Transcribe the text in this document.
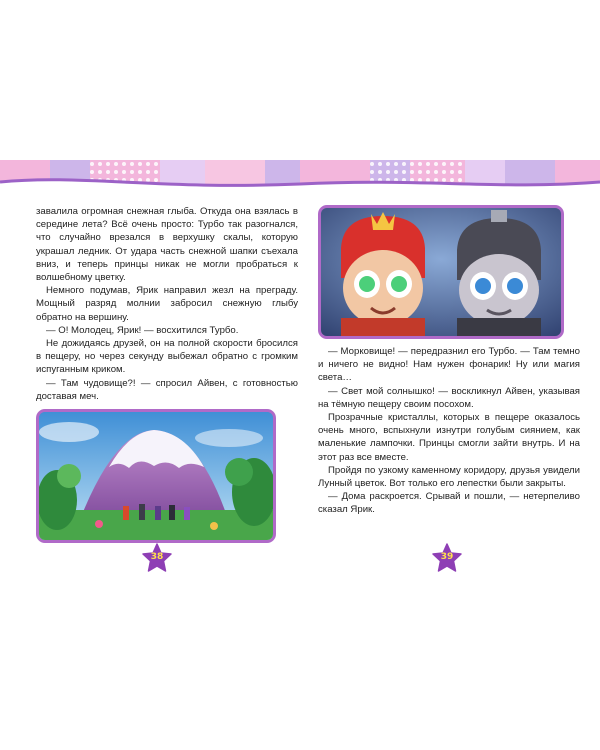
завалила огромная снежная глыба. Откуда она взялась в середине лета? Всё очень просто: Турбо так разогнался, что случайно врезался в верхушку скалы, которую украшал ледник. От удара часть снежной шапки съехала вниз, и теперь принцы никак не могли пробраться к волшебному цветку.

Немного подумав, Ярик направил жезл на преграду. Мощный разряд молнии забросил снежную глыбу обратно на вершину.

— О! Молодец, Ярик! — восхитился Турбо.

Не дожидаясь друзей, он на полной скорости бросился в пещеру, но через секунду выбежал обратно с громким испуганным криком.

— Там чудовище?! — спросил Айвен, с готовностью доставая меч.

— Морковище! — передразнил его Турбо. — Там темно и ничего не видно! Нам нужен фонарик! Ну или магия света…

— Свет мой солнышко! — воскликнул Айвен, указывая на тёмную пещеру своим посохом.

Прозрачные кристаллы, которых в пещере оказалось очень много, вспыхнули изнутри голубым сиянием, как маленькие лампочки. Принцы смогли зайти внутрь. И на этот раз все вместе.

Пройдя по узкому каменному коридору, друзья увидели Лунный цветок. Вот только его лепестки были закрыты.

— Дома раскроется. Срывай и пошли, — нетерпеливо сказал Ярик.

38	39
